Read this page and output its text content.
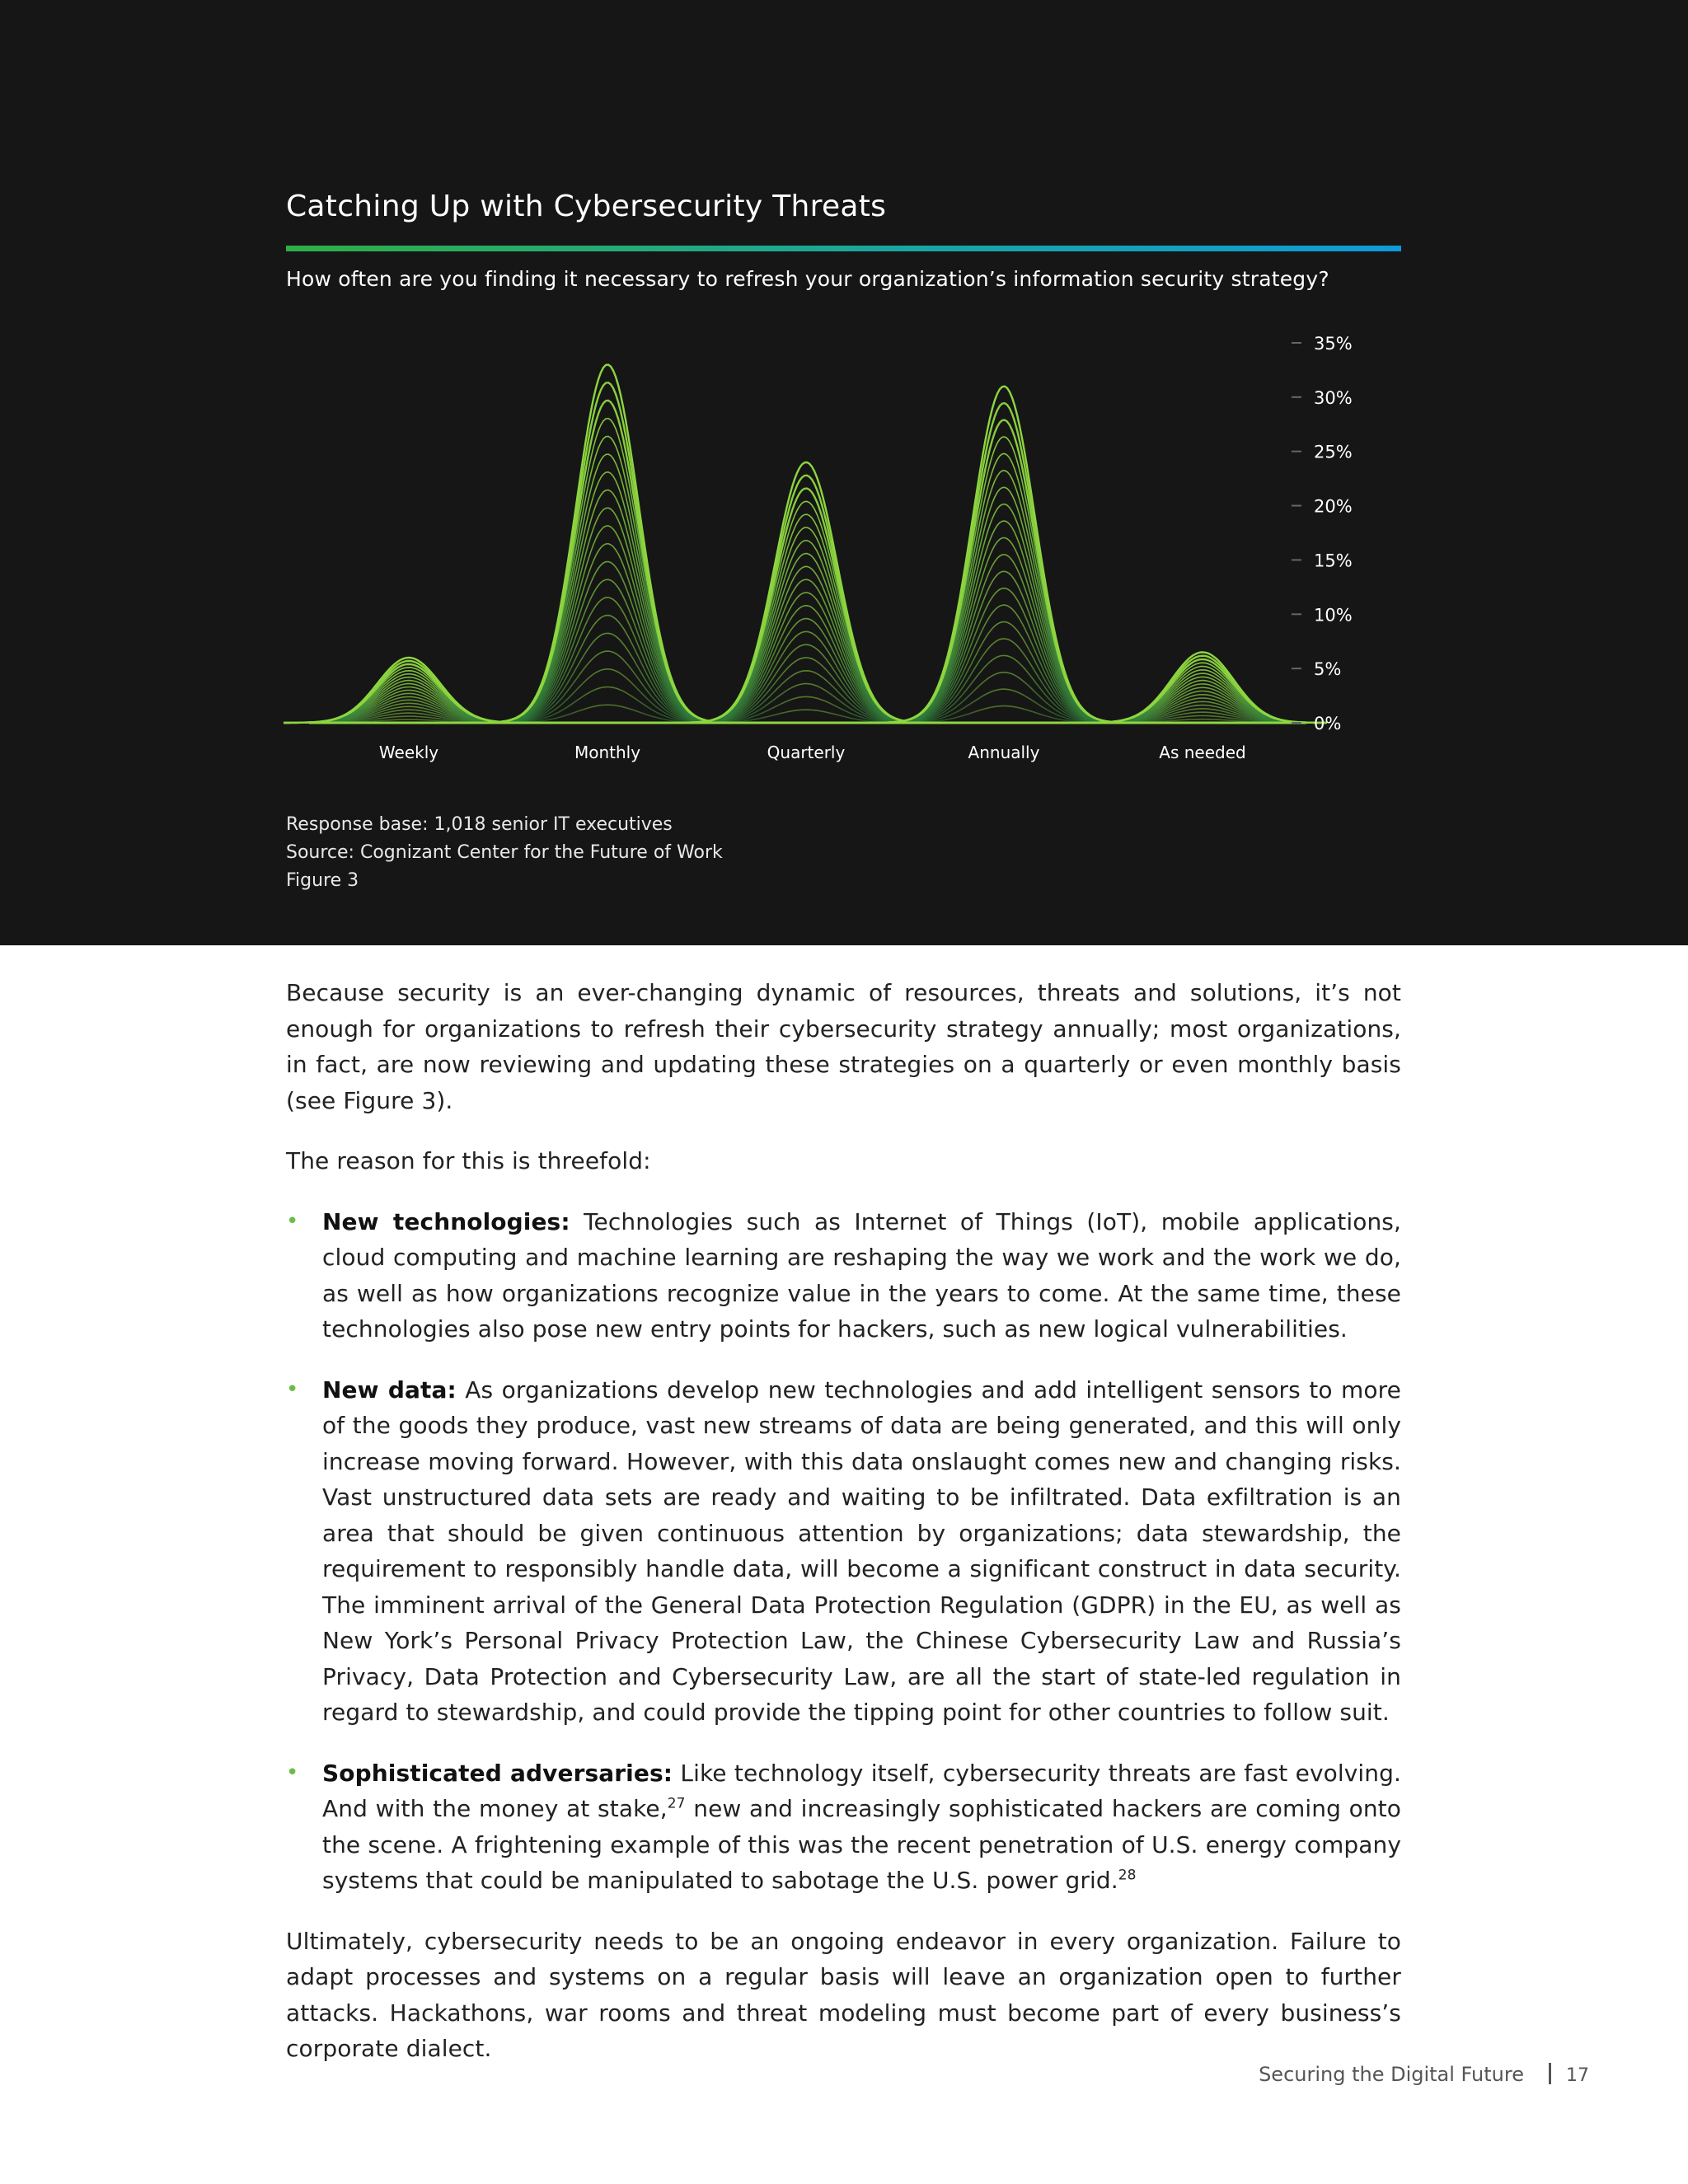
Catching Up with Cybersecurity Threats
How often are you finding it necessary to refresh your organization’s information security strategy?
0%
5%
10%
15%
20%
25%
30%
35%
Weekly	Monthly	Quarterly	Annually	As needed
Response base: 1,018 senior IT executives
Source: Cognizant Center for the Future of Work
Figure 3

Because security is an ever-changing dynamic of resources, threats and solutions, it’s not enough for organizations to refresh their cybersecurity strategy annually; most organizations, in fact, are now reviewing and updating these strategies on a quarterly or even monthly basis (see Figure 3).

The reason for this is threefold:

• New technologies: Technologies such as Internet of Things (IoT), mobile applications, cloud computing and machine learning are reshaping the way we work and the work we do, as well as how organizations recognize value in the years to come. At the same time, these technologies also pose new entry points for hackers, such as new logical vulnerabilities.
• New data: As organizations develop new technologies and add intelligent sensors to more of the goods they produce, vast new streams of data are being generated, and this will only increase moving forward. However, with this data onslaught comes new and changing risks. Vast unstructured data sets are ready and waiting to be infiltrated. Data exfiltration is an area that should be given continuous attention by organizations; data stewardship, the requirement to responsibly handle data, will become a significant construct in data security. The imminent arrival of the General Data Protection Regulation (GDPR) in the EU, as well as New York’s Personal Privacy Protection Law, the Chinese Cybersecurity Law and Russia’s Privacy, Data Protection and Cybersecurity Law, are all the start of state-led regulation in regard to stewardship, and could provide the tipping point for other countries to follow suit.
• Sophisticated adversaries: Like technology itself, cybersecurity threats are fast evolving. And with the money at stake,$^{27}$ new and increasingly sophisticated hackers are coming onto the scene. A frightening example of this was the recent penetration of U.S. energy company systems that could be manipulated to sabotage the U.S. power grid.$^{28}$

Ultimately, cybersecurity needs to be an ongoing endeavor in every organization. Failure to adapt processes and systems on a regular basis will leave an organization open to further attacks. Hackathons, war rooms and threat modeling must become part of every business’s corporate dialect.

Securing the Digital Future 17
